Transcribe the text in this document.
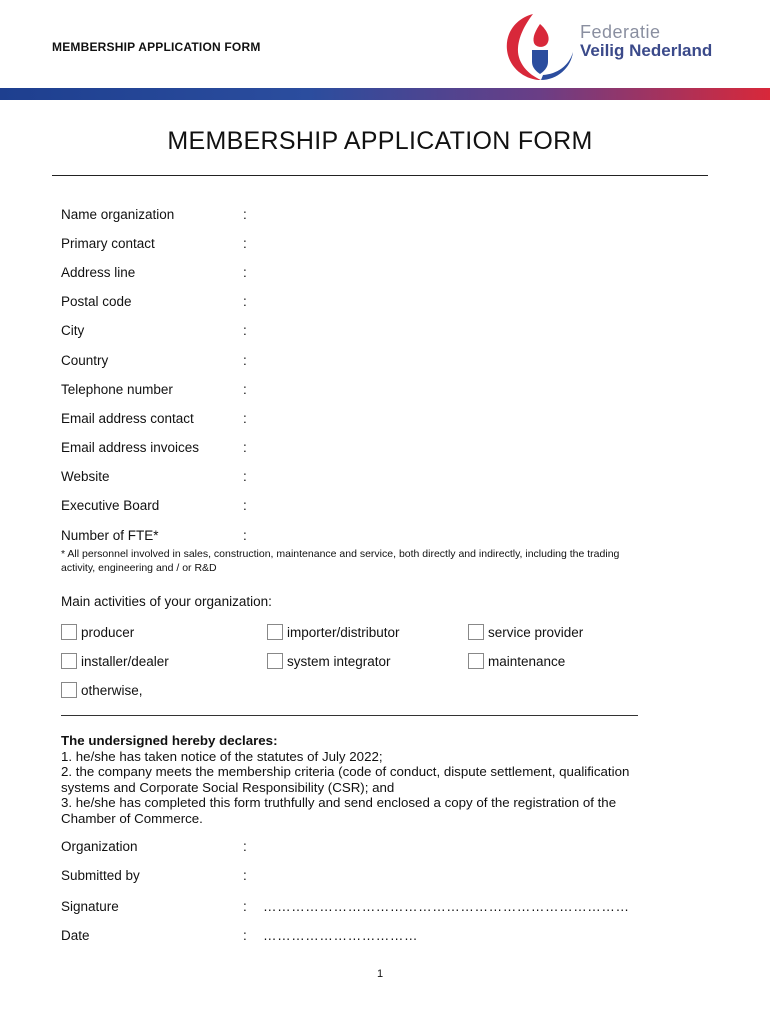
MEMBERSHIP APPLICATION FORM
Federatie
Veilig Nederland
MEMBERSHIP APPLICATION FORM
Name organization	:
Primary contact	:
Address line	:
Postal code	:
City	:
Country	:
Telephone number	:
Email address contact	:
Email address invoices	:
Website	:
Executive Board	:
Number of FTE*	:
* All personnel involved in sales, construction, maintenance and service, both directly and indirectly, including the trading activity, engineering and / or R&D
Main activities of your organization:
producer	importer/distributor	service provider
installer/dealer	system integrator	maintenance
otherwise,
The undersigned hereby declares:
1. he/she has taken notice of the statutes of July 2022;
2. the company meets the membership criteria (code of conduct, dispute settlement, qualification systems and Corporate Social Responsibility (CSR); and
3. he/she has completed this form truthfully and send enclosed a copy of the registration of the Chamber of Commerce.
Organization	:
Submitted by	:
Signature	: ……………………………………………………………………
Date	: ……………………………
1
